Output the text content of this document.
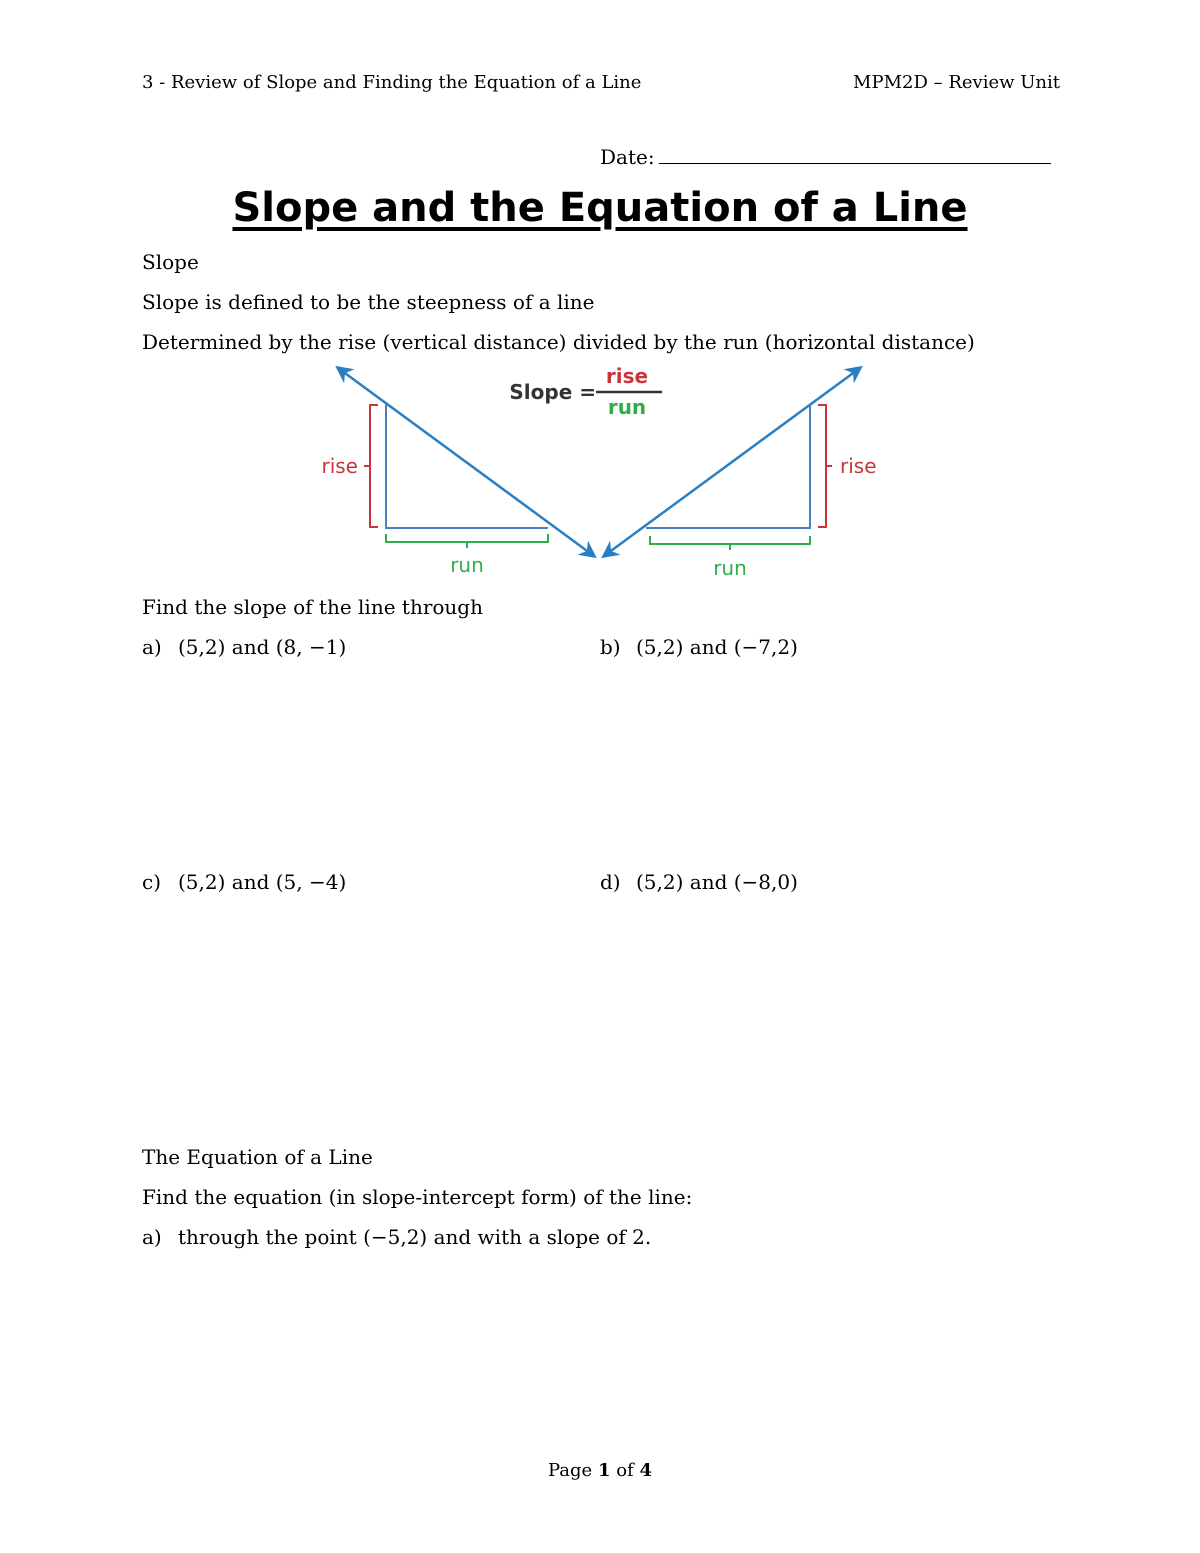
3 - Review of Slope and Finding the Equation of a Line	MPM2D – Review Unit
Date:
Slope and the Equation of a Line
Slope
Slope is defined to be the steepness of a line
Determined by the rise (vertical distance) divided by the run (horizontal distance)
rise
run
rise
run
Slope =
rise
run
Find the slope of the line through
a) (5,2) and (8, −1)	b) (5,2) and (−7,2)
c) (5,2) and (5, −4)	d) (5,2) and (−8,0)
The Equation of a Line
Find the equation (in slope-intercept form) of the line:
a) through the point (−5,2) and with a slope of 2.
Page 1 of 4
